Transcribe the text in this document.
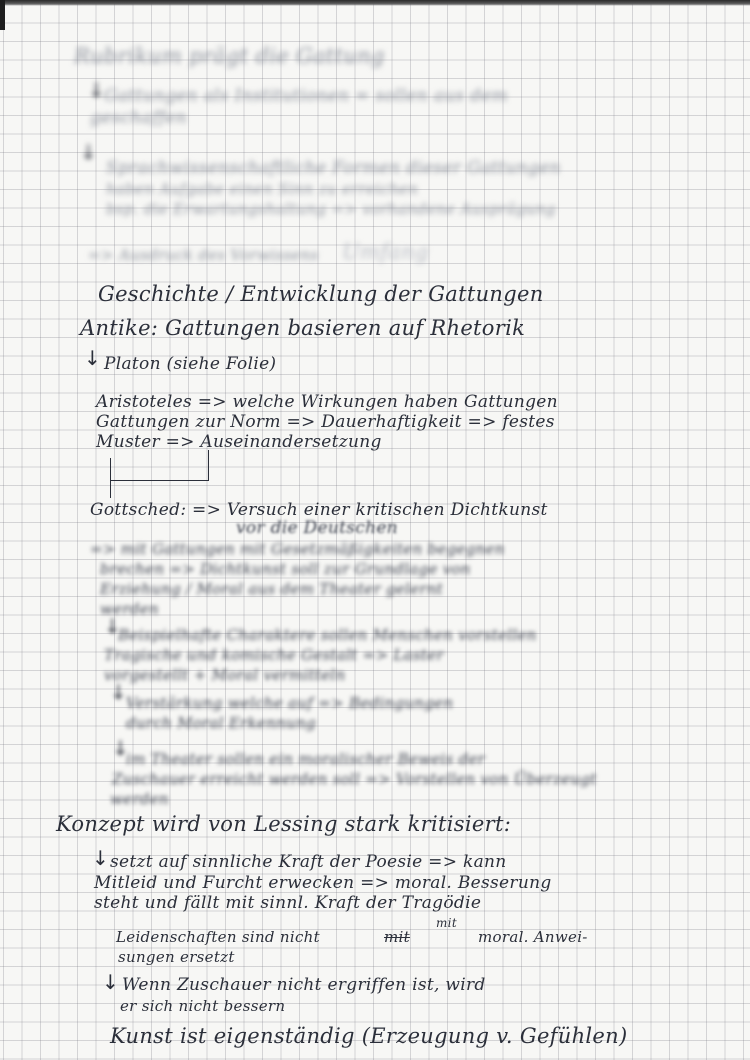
Rubrikum prägt die Gattung
↓ Gattungen als Institutionen = sollen aus dem
geschaffen
↓
Sprachwissenschaftliche Formen dieser Gattungen
haben Aufgabe einen Sinn zu erreichen
bsp. die Erwartungshaltung => vorhandene Ausprägung
=> Ausdruck des Vorwissens Umfang
Geschichte / Entwicklung der Gattungen
Antike: Gattungen basieren auf Rhetorik
↓ Platon (siehe Folie)
Aristoteles => welche Wirkungen haben Gattungen
Gattungen zur Norm => Dauerhaftigkeit => festes
Muster => Auseinandersetzung
Gottsched: => Versuch einer kritischen Dichtkunst
vor die Deutschen
=> mit Gattungen mit Gesetzmäßigkeiten begegnen
brechen => Dichtkunst soll zur Grundlage von
Erziehung / Moral aus dem Theater gelernt
werden
↓
Beispielhafte Charaktere sollen Menschen vorstellen
Tragische und komische Gestalt => Laster
vorgestellt + Moral vermitteln
↓ Verstärkung welche auf => Bedingungen
durch Moral Erkennung
↓
im Theater sollen ein moralischer Beweis der
Zuschauer erreicht werden soll => Vorstellen von Überzeugt
werden
Konzept wird von Lessing stark kritisiert:
↓ setzt auf sinnliche Kraft der Poesie => kann
Mitleid und Furcht erwecken => moral. Besserung
steht und fällt mit sinnl. Kraft der Tragödie
Leidenschaften sind nicht	mit
mit
moral. Anwei-
sungen ersetzt
↓ Wenn Zuschauer nicht ergriffen ist, wird
er sich nicht bessern
Kunst ist eigenständig (Erzeugung v. Gefühlen)
